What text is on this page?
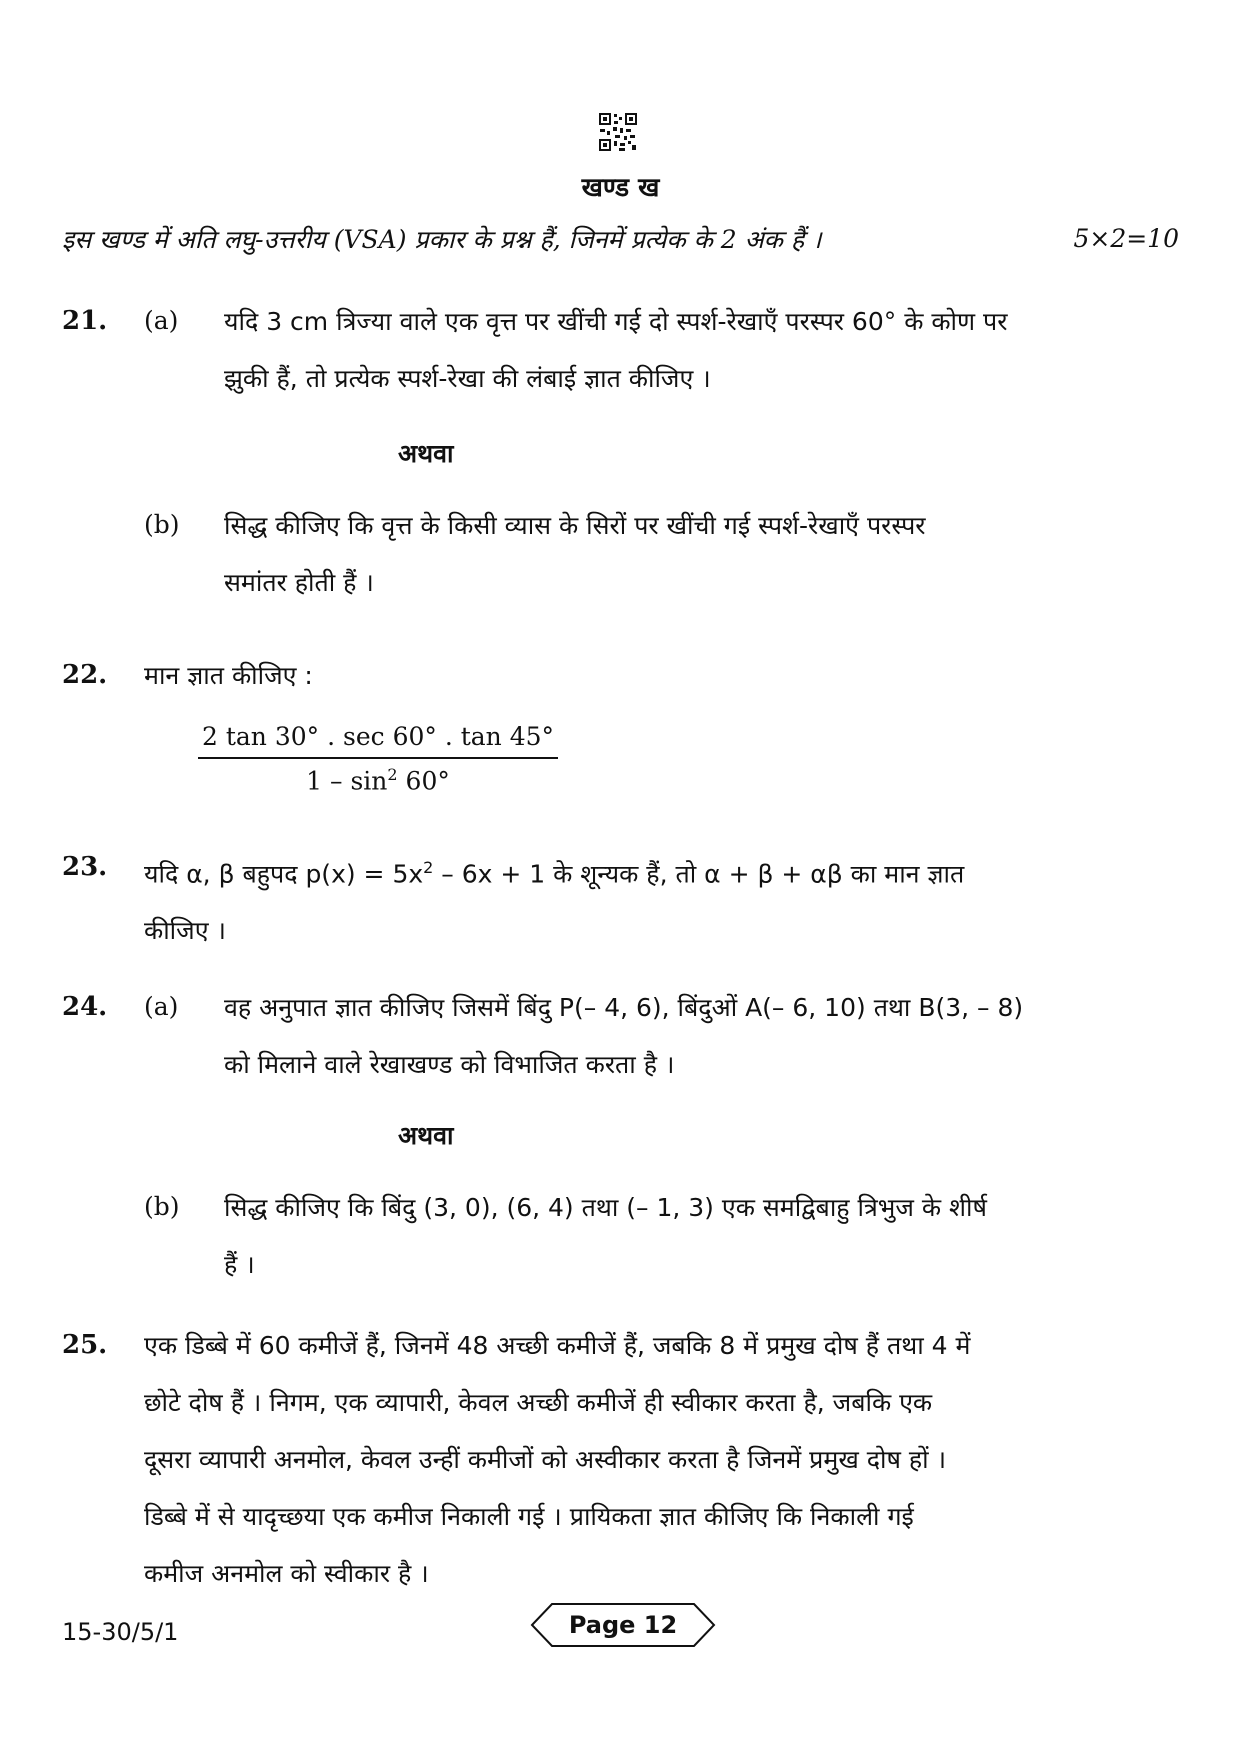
खण्ड ख
इस खण्ड में अति लघु-उत्तरीय (VSA) प्रकार के प्रश्न हैं, जिनमें प्रत्येक के 2 अंक हैं ।	5×2=10
21. (a) यदि 3 cm त्रिज्या वाले एक वृत्त पर खींची गई दो स्पर्श-रेखाएँ परस्पर 60° के कोण पर
झुकी हैं, तो प्रत्येक स्पर्श-रेखा की लंबाई ज्ञात कीजिए ।
अथवा
(b) सिद्ध कीजिए कि वृत्त के किसी व्यास के सिरों पर खींची गई स्पर्श-रेखाएँ परस्पर
समांतर होती हैं ।
22. मान ज्ञात कीजिए :
2 tan 30° . sec 60° . tan 45°
$1 - \sin^2 60^\circ$
23. यदि α, β बहुपद $p(x) = 5x^2 - 6x + 1$ के शून्यक हैं, तो α + β + αβ का मान ज्ञात
कीजिए ।
24. (a) वह अनुपात ज्ञात कीजिए जिसमें बिंदु P(– 4, 6), बिंदुओं A(– 6, 10) तथा B(3, – 8)
को मिलाने वाले रेखाखण्ड को विभाजित करता है ।
अथवा
(b) सिद्ध कीजिए कि बिंदु (3, 0), (6, 4) तथा (– 1, 3) एक समद्विबाहु त्रिभुज के शीर्ष
हैं ।
25. एक डिब्बे में 60 कमीजें हैं, जिनमें 48 अच्छी कमीजें हैं, जबकि 8 में प्रमुख दोष हैं तथा 4 में
छोटे दोष हैं । निगम, एक व्यापारी, केवल अच्छी कमीजें ही स्वीकार करता है, जबकि एक
दूसरा व्यापारी अनमोल, केवल उन्हीं कमीजों को अस्वीकार करता है जिनमें प्रमुख दोष हों ।
डिब्बे में से यादृच्छया एक कमीज निकाली गई । प्रायिकता ज्ञात कीजिए कि निकाली गई
कमीज अनमोल को स्वीकार है ।
15-30/5/1	Page 12
